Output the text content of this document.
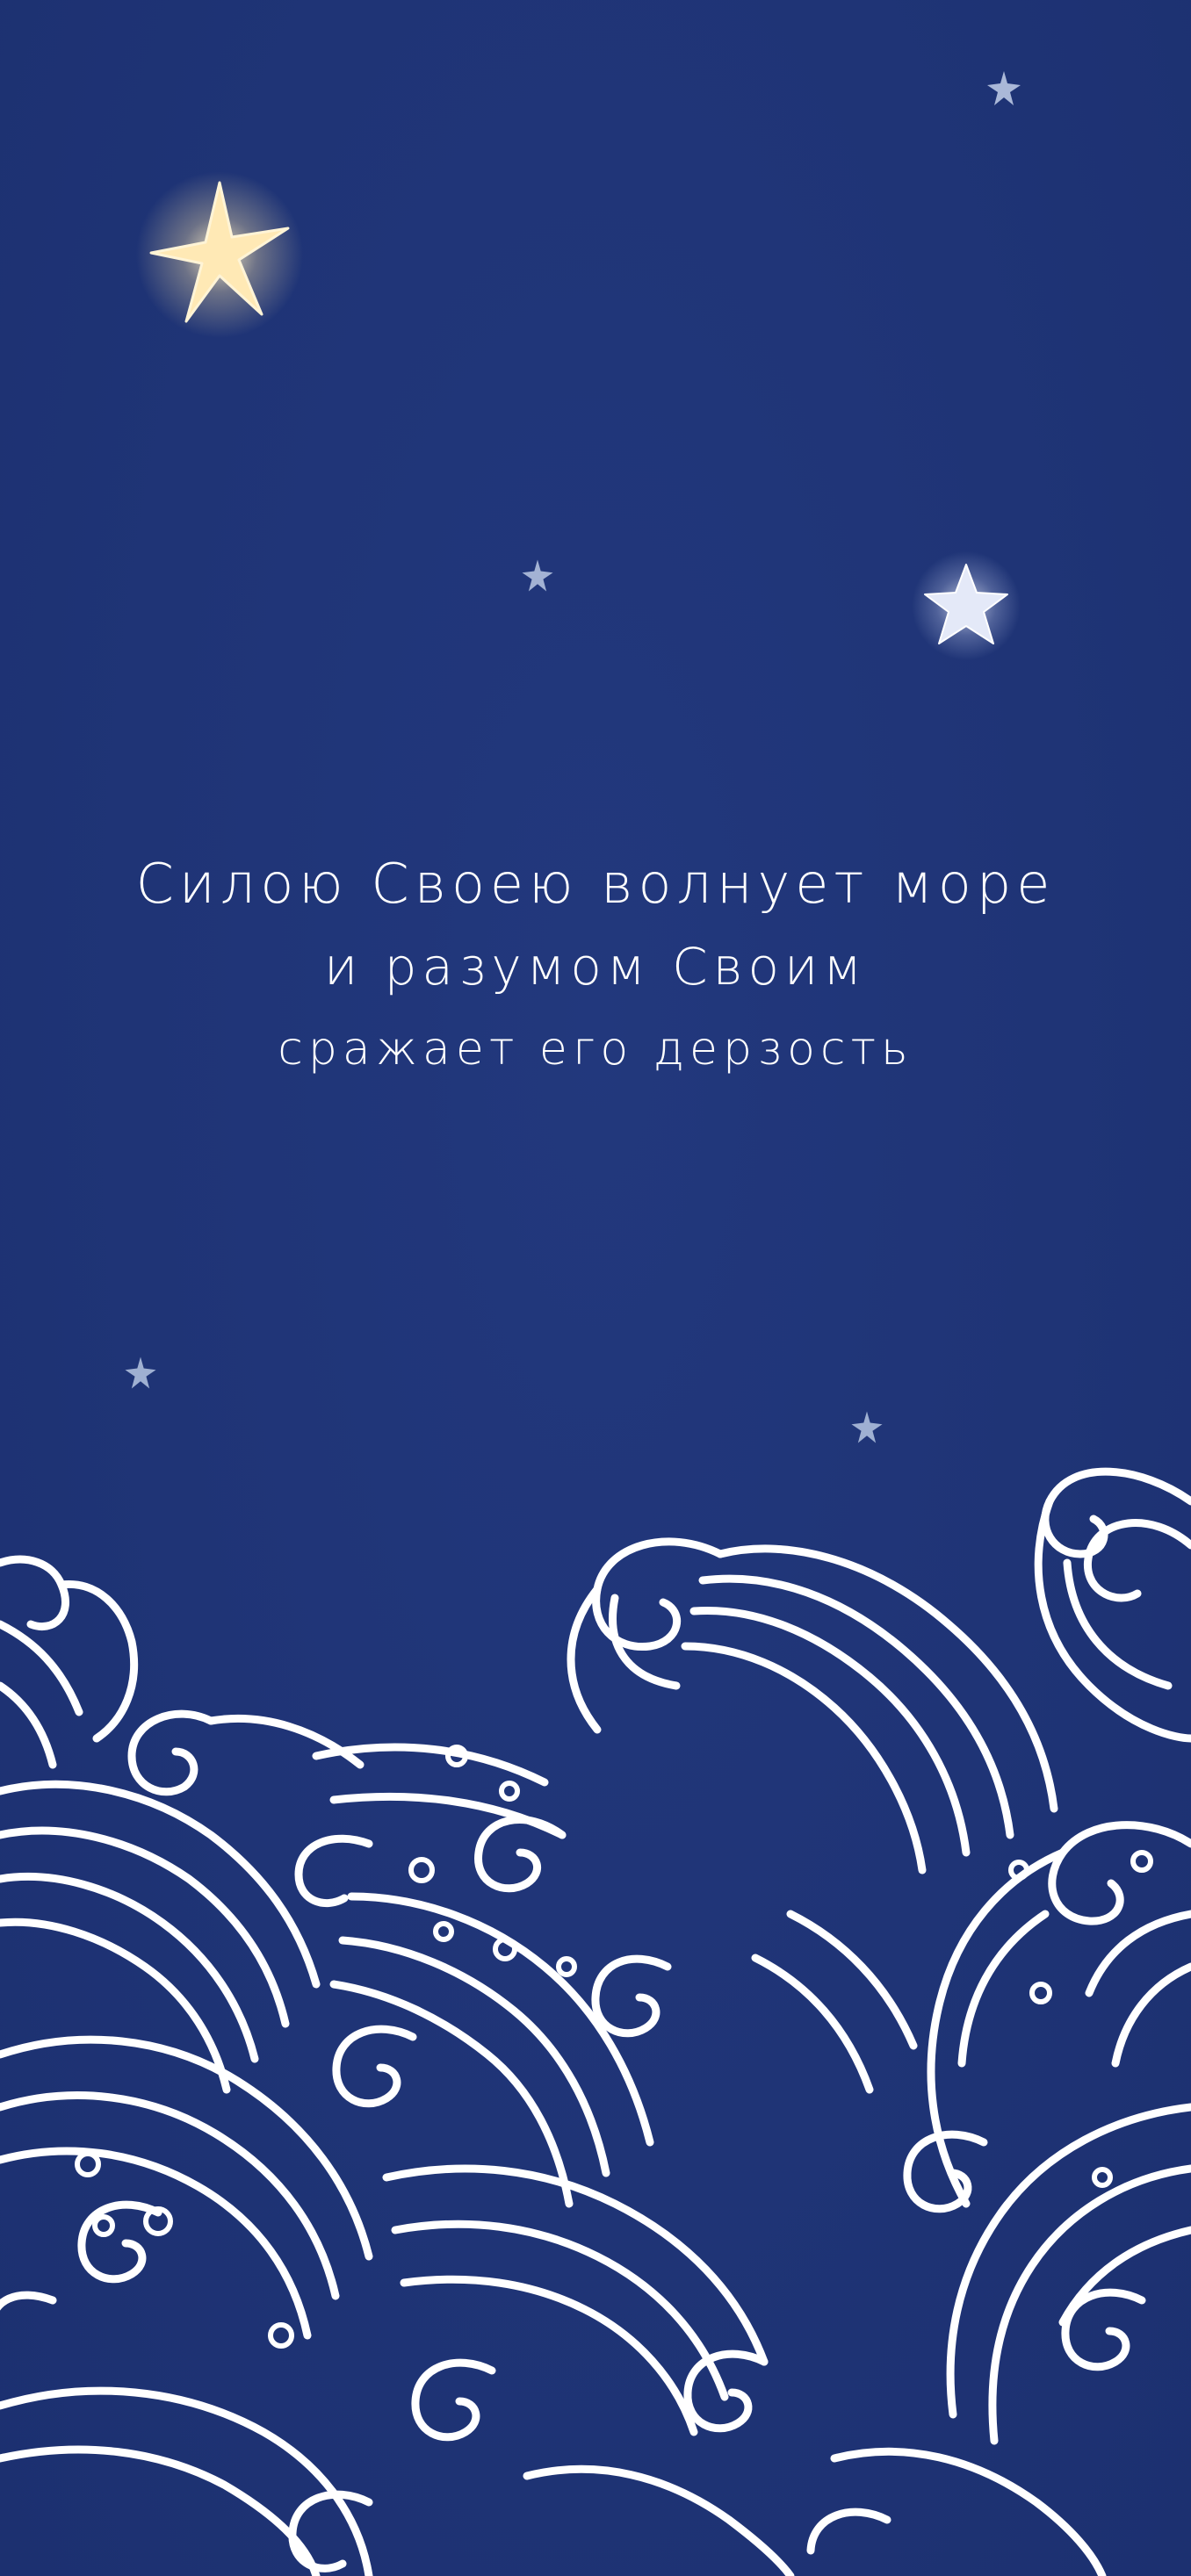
Силою Своею волнует море
и разумом Своим
сражает его дерзость
